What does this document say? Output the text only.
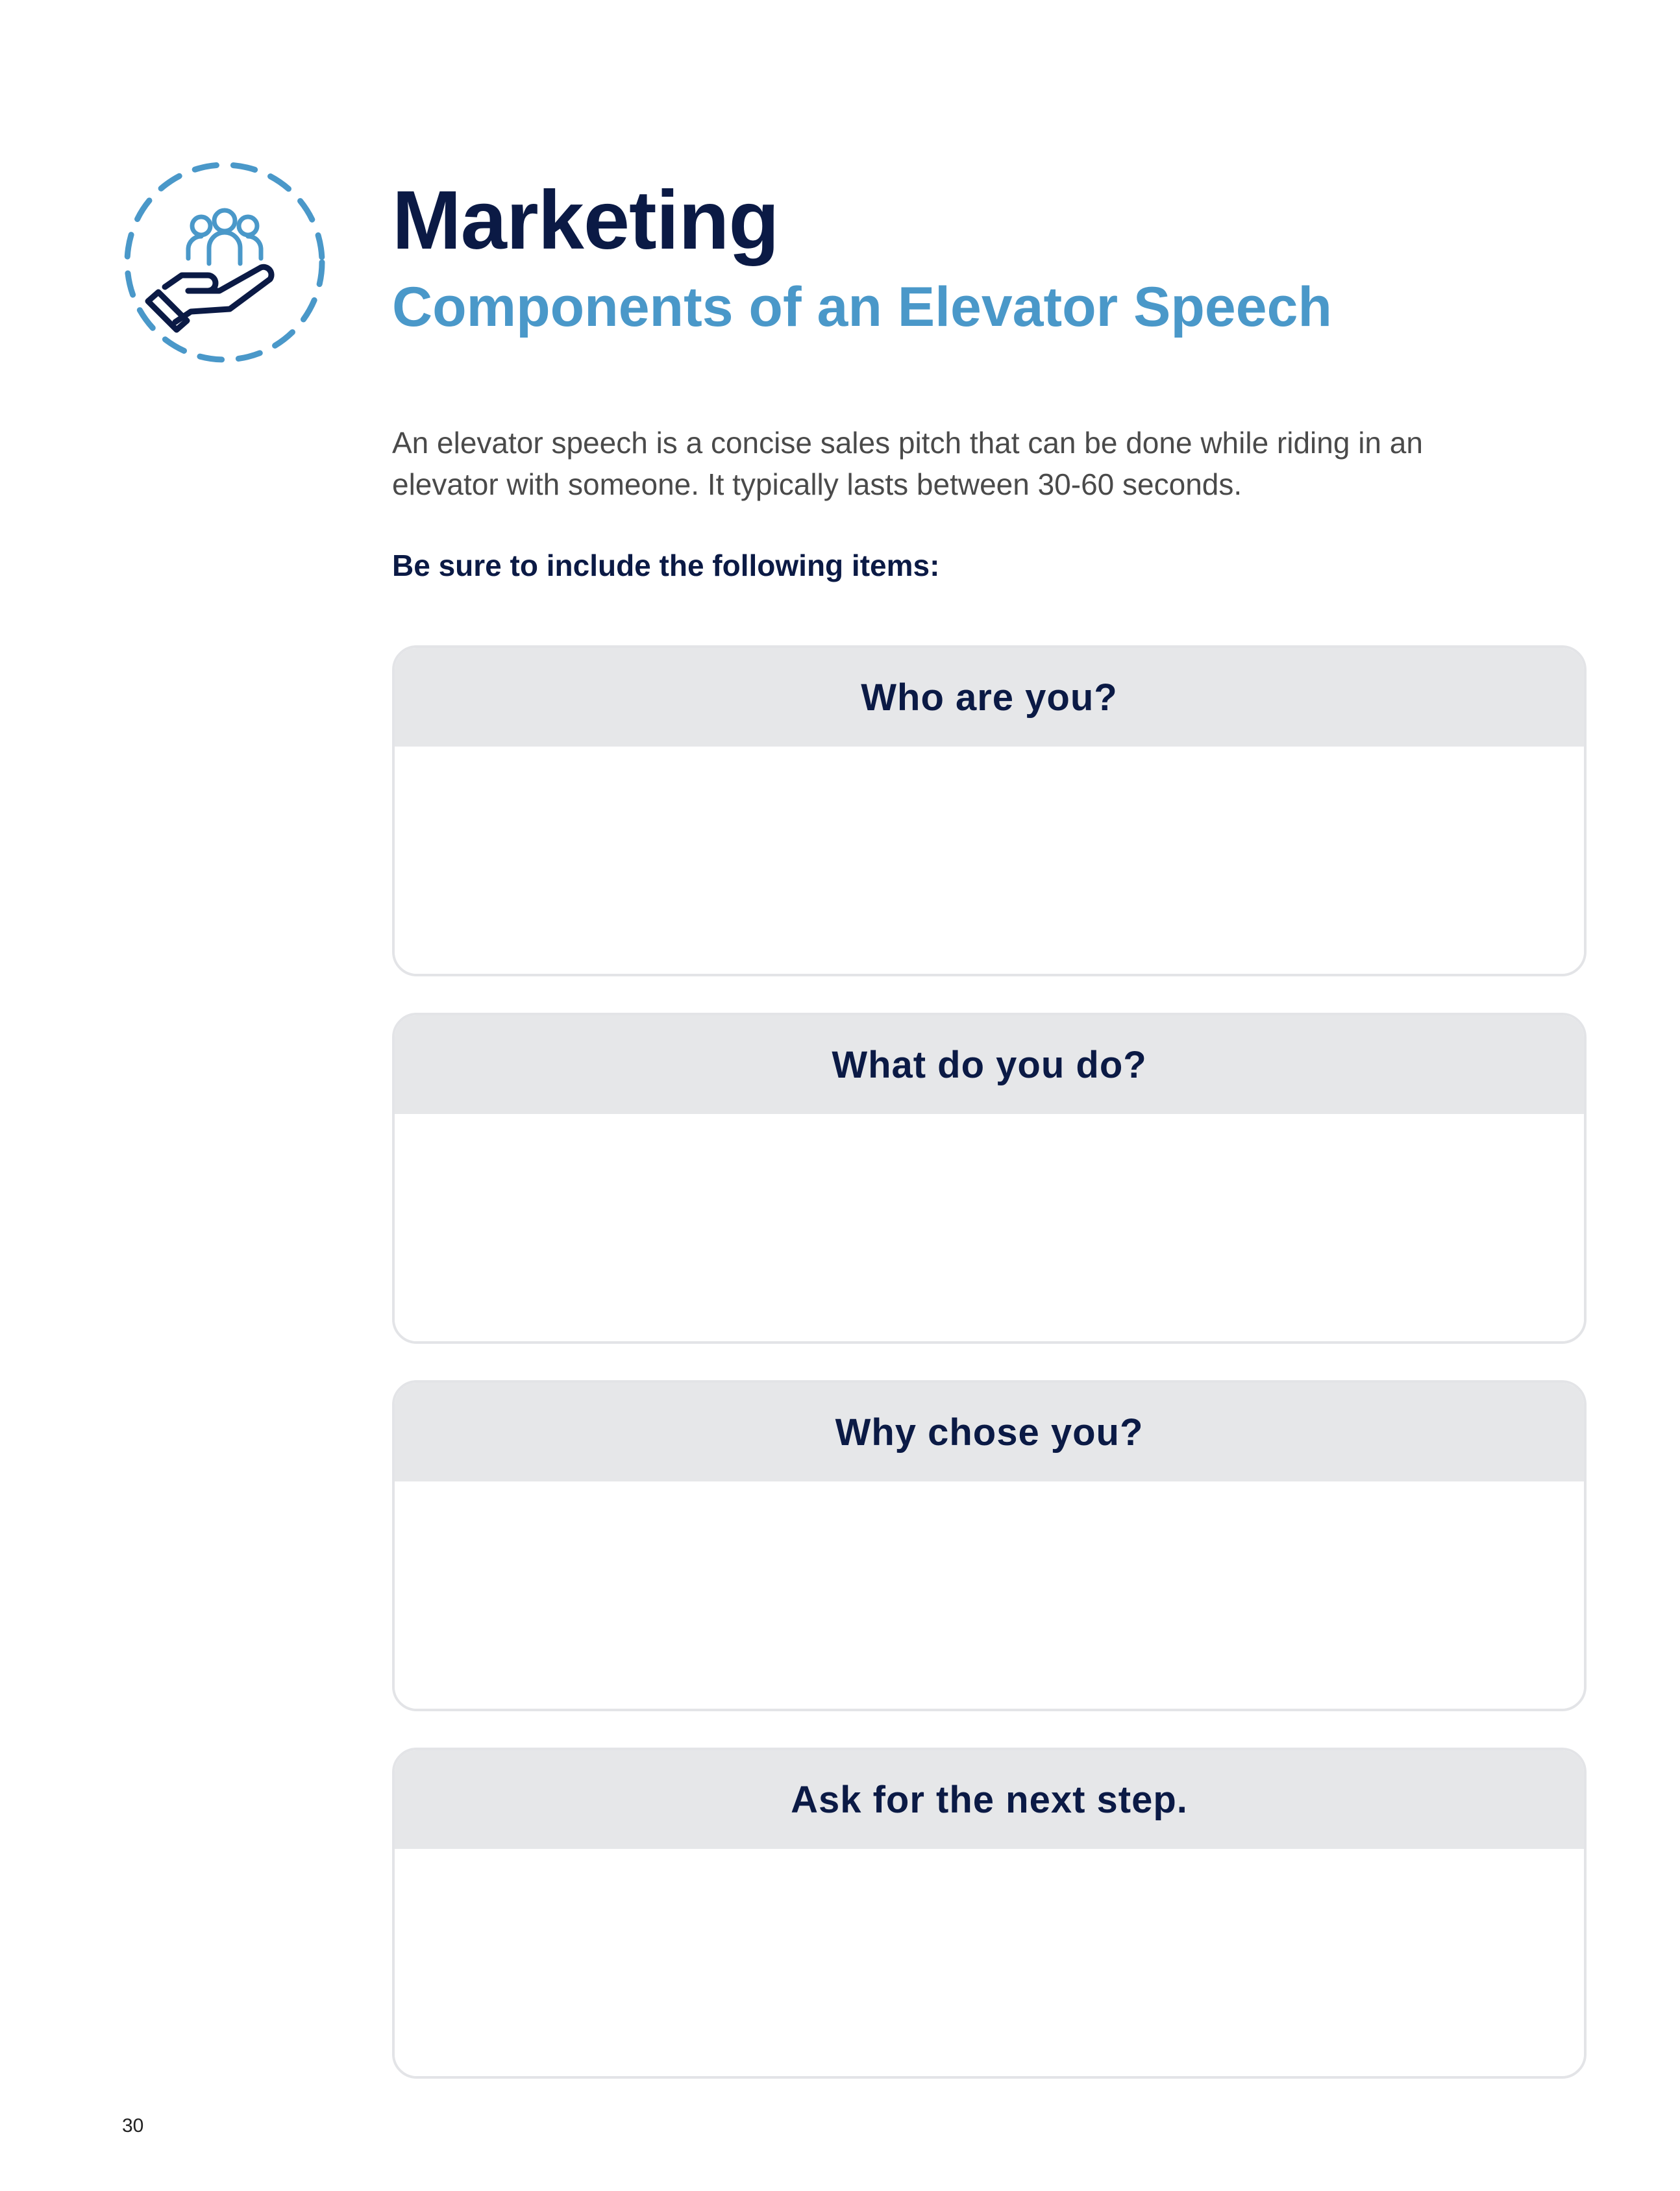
Marketing
Components of an Elevator Speech

An elevator speech is a concise sales pitch that can be done while riding in an elevator with someone. It typically lasts between 30-60 seconds.

Be sure to include the following items:

Who are you?
What do you do?
Why chose you?
Ask for the next step.
30
